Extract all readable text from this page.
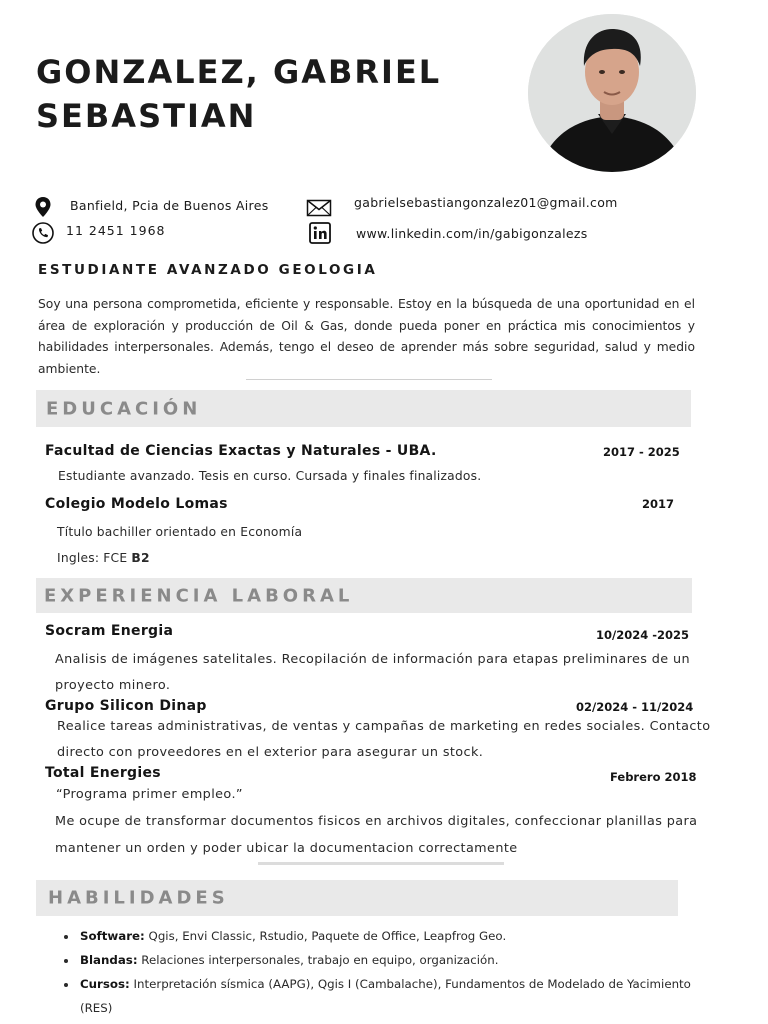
GONZALEZ, GABRIEL
SEBASTIAN
Banfield, Pcia de Buenos Aires
11 2451 1968
gabrielsebastiangonzalez01@gmail.com
www.linkedin.com/in/gabigonzalezs
ESTUDIANTE AVANZADO GEOLOGIA

Soy una persona comprometida, eficiente y responsable. Estoy en la búsqueda de una oportunidad en el área de exploración y producción de Oil & Gas, donde pueda poner en práctica mis conocimientos y habilidades interpersonales. Además, tengo el deseo de aprender más sobre seguridad, salud y medio ambiente.

EDUCACIÓN
Facultad de Ciencias Exactas y Naturales - UBA.	2017 - 2025
Estudiante avanzado. Tesis en curso. Cursada y finales finalizados.
Colegio Modelo Lomas	2017
Título bachiller orientado en Economía
Ingles: FCE B2
EXPERIENCIA LABORAL
Socram Energia	10/2024 -2025
Analisis de imágenes satelitales. Recopilación de información para etapas preliminares de un
proyecto minero.
Grupo Silicon Dinap	02/2024 - 11/2024
Realice tareas administrativas, de ventas y campañas de marketing en redes sociales. Contacto
directo con proveedores en el exterior para asegurar un stock.
Total Energies	Febrero 2018
“Programa primer empleo.”
Me ocupe de transformar documentos fisicos en archivos digitales, confeccionar planillas para
mantener un orden y poder ubicar la documentacion correctamente
HABILIDADES
• Software: Qgis, Envi Classic, Rstudio, Paquete de Office, Leapfrog Geo.
• Blandas: Relaciones interpersonales, trabajo en equipo, organización.
• Cursos: Interpretación sísmica (AAPG), Qgis I (Cambalache), Fundamentos de Modelado de Yacimiento (RES)
